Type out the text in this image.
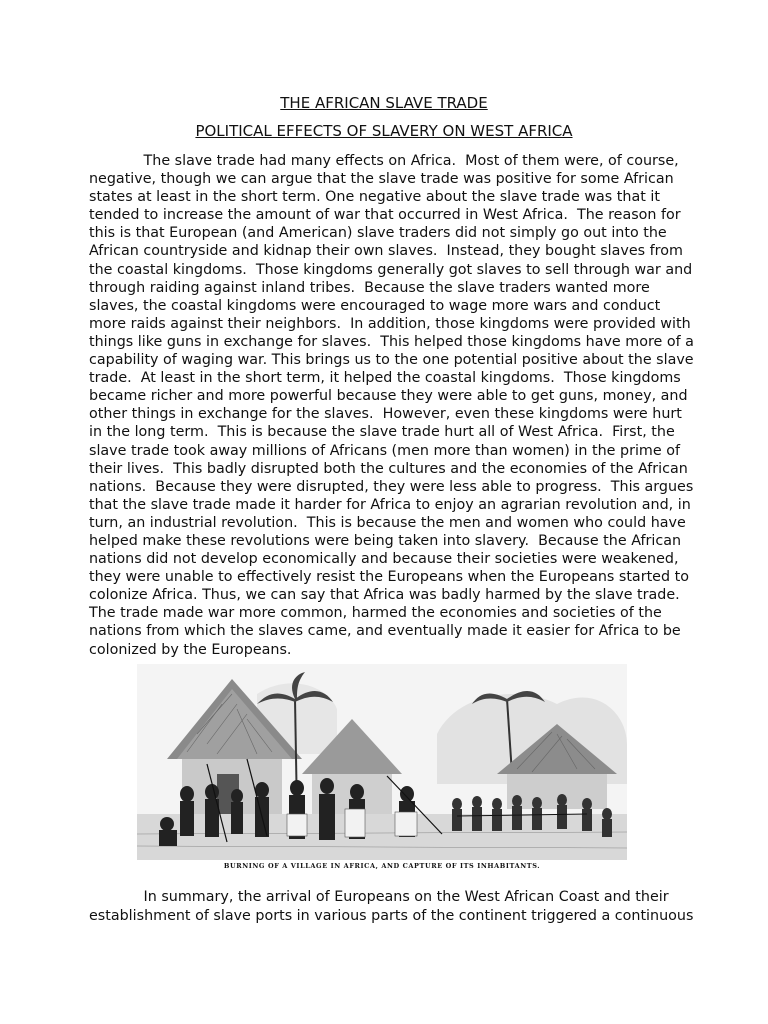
THE AFRICAN SLAVE TRADE
POLITICAL EFFECTS OF SLAVERY ON WEST AFRICA
The slave trade had many effects on Africa.  Most of them were, of course,
negative, though we can argue that the slave trade was positive for some African
states at least in the short term. One negative about the slave trade was that it
tended to increase the amount of war that occurred in West Africa.  The reason for
this is that European (and American) slave traders did not simply go out into the
African countryside and kidnap their own slaves.  Instead, they bought slaves from
the coastal kingdoms.  Those kingdoms generally got slaves to sell through war and
through raiding against inland tribes.  Because the slave traders wanted more
slaves, the coastal kingdoms were encouraged to wage more wars and conduct
more raids against their neighbors.  In addition, those kingdoms were provided with
things like guns in exchange for slaves.  This helped those kingdoms have more of a
capability of waging war. This brings us to the one potential positive about the slave
trade.  At least in the short term, it helped the coastal kingdoms.  Those kingdoms
became richer and more powerful because they were able to get guns, money, and
other things in exchange for the slaves.  However, even these kingdoms were hurt
in the long term.  This is because the slave trade hurt all of West Africa.  First, the
slave trade took away millions of Africans (men more than women) in the prime of
their lives.  This badly disrupted both the cultures and the economies of the African
nations.  Because they were disrupted, they were less able to progress.  This argues
that the slave trade made it harder for Africa to enjoy an agrarian revolution and, in
turn, an industrial revolution.  This is because the men and women who could have
helped make these revolutions were being taken into slavery.  Because the African
nations did not develop economically and because their societies were weakened,
they were unable to effectively resist the Europeans when the Europeans started to
colonize Africa. Thus, we can say that Africa was badly harmed by the slave trade.
The trade made war more common, harmed the economies and societies of the
nations from which the slaves came, and eventually made it easier for Africa to be
colonized by the Europeans.
BURNING OF A VILLAGE IN AFRICA, AND CAPTURE OF ITS INHABITANTS.
In summary, the arrival of Europeans on the West African Coast and their
establishment of slave ports in various parts of the continent triggered a continuous
